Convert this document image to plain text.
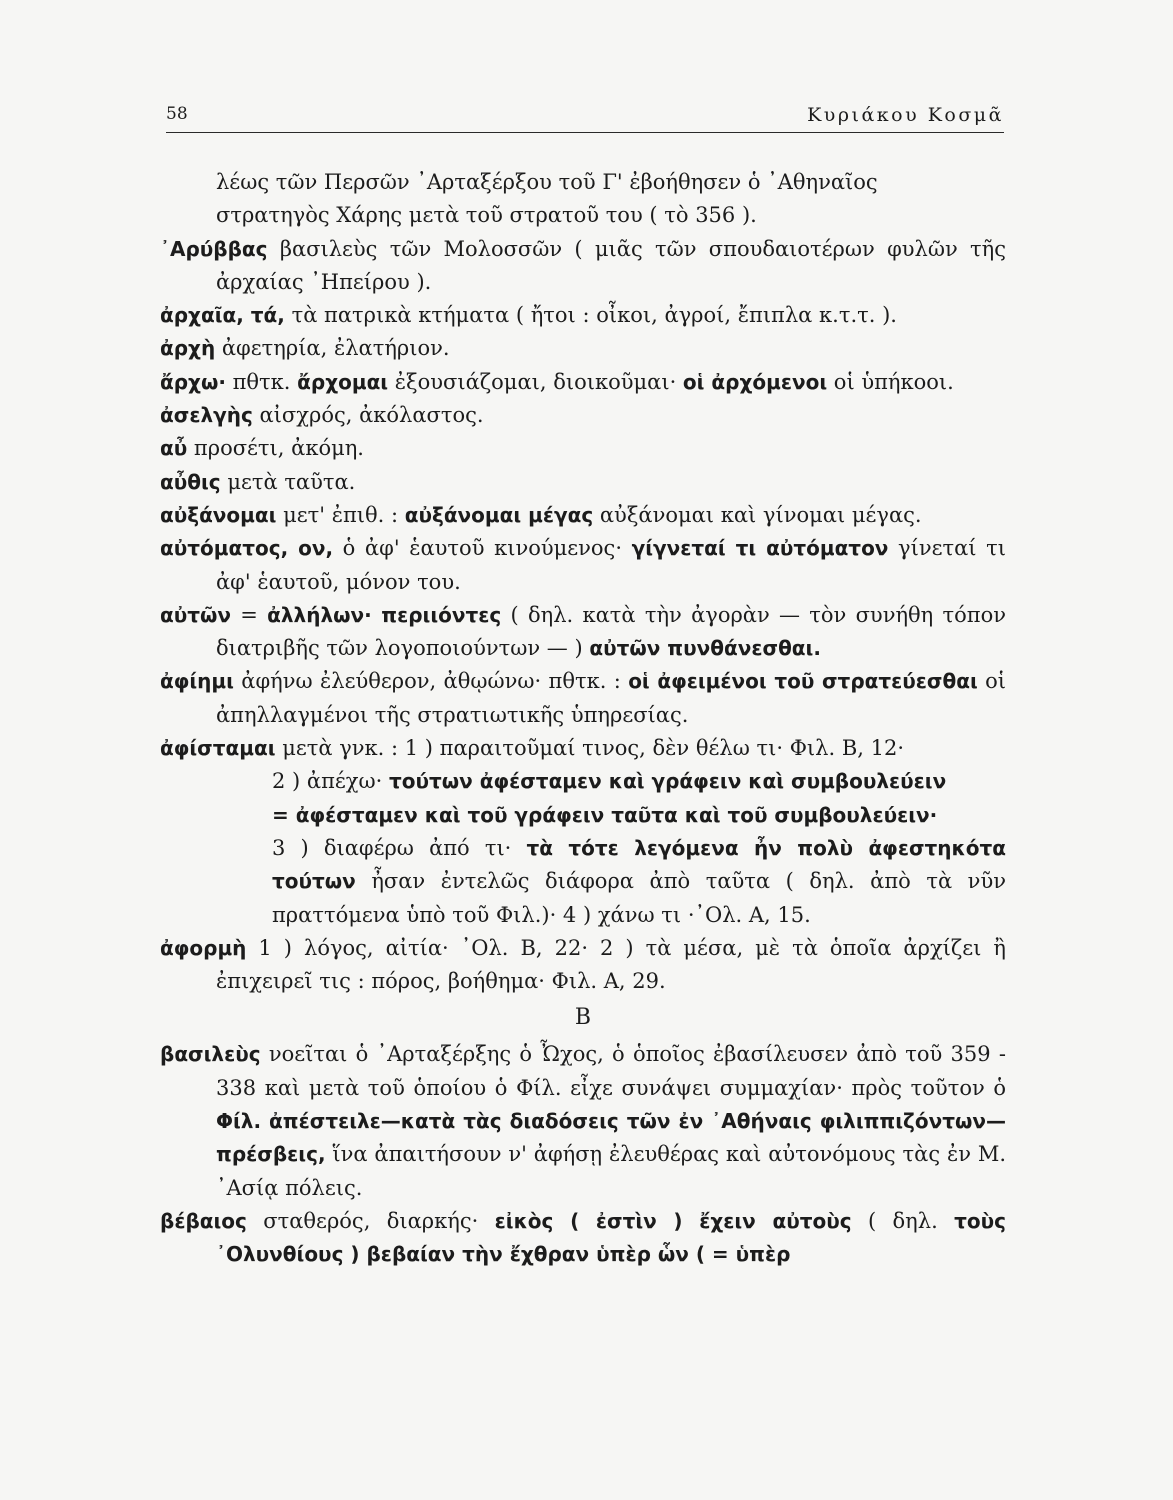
58	Κυριάκου Κοσμᾶ
λέως τῶν Περσῶν ᾿Αρταξέρξου τοῦ Γ' ἐβοήθησεν ὁ ᾿Αθηναῖος
στρατηγὸς Χάρης μετὰ τοῦ στρατοῦ του ( τὸ 356 ).
᾿Αρύββας βασιλεὺς τῶν Μολοσσῶν ( μιᾶς τῶν σπουδαιοτέρων φυλῶν τῆς ἀρχαίας ᾿Ηπείρου ).
ἀρχαῖα, τά, τὰ πατρικὰ κτήματα ( ἤτοι : οἶκοι, ἀγροί, ἔπιπλα κ.τ.τ. ).
ἀρχὴ ἀφετηρία, ἐλατήριον.
ἄρχω· πθτκ. ἄρχομαι ἐξουσιάζομαι, διοικοῦμαι· οἱ ἀρχόμενοι οἱ ὑπήκοοι.
ἀσελγὴς αἰσχρός, ἀκόλαστος.
αὖ προσέτι, ἀκόμη.
αὖθις μετὰ ταῦτα.
αὐξάνομαι μετ' ἐπιθ. : αὐξάνομαι μέγας αὐξάνομαι καὶ γίνομαι μέγας.
αὐτόματος, ον, ὁ ἀφ' ἑαυτοῦ κινούμενος· γίγνεταί τι αὐτόματον γίνεταί τι ἀφ' ἑαυτοῦ, μόνον του.
αὐτῶν = ἀλλήλων· περιιόντες ( δηλ. κατὰ τὴν ἀγορὰν — τὸν συνήθη τόπον διατριβῆς τῶν λογοποιούντων — ) αὐτῶν πυνθάνεσθαι.
ἀφίημι ἀφήνω ἐλεύθερον, ἀθῳώνω· πθτκ. : οἱ ἀφειμένοι τοῦ στρατεύεσθαι οἱ ἀπηλλαγμένοι τῆς στρατιωτικῆς ὑπηρεσίας.
ἀφίσταμαι μετὰ γνκ. : 1 ) παραιτοῦμαί τινος, δὲν θέλω τι· Φιλ. Β, 12·
2 ) ἀπέχω· τούτων ἀφέσταμεν καὶ γράφειν καὶ συμβουλεύειν
= ἀφέσταμεν καὶ τοῦ γράφειν ταῦτα καὶ τοῦ συμβουλεύειν·
3 ) διαφέρω ἀπό τι· τὰ τότε λεγόμενα ἦν πολὺ ἀφεστηκότα τούτων ἦσαν ἐντελῶς διάφορα ἀπὸ ταῦτα ( δηλ. ἀπὸ τὰ νῦν πραττόμενα ὑπὸ τοῦ Φιλ.)· 4 ) χάνω τι ·᾿Ολ. Α, 15.
ἀφορμὴ 1 ) λόγος, αἰτία· ᾿Ολ. Β, 22· 2 ) τὰ μέσα, μὲ τὰ ὁποῖα ἀρχίζει ἢ ἐπιχειρεῖ τις : πόρος, βοήθημα· Φιλ. Α, 29.
Β
βασιλεὺς νοεῖται ὁ ᾿Αρταξέρξης ὁ Ὦχος, ὁ ὁποῖος ἐβασίλευσεν ἀπὸ τοῦ 359 - 338 καὶ μετὰ τοῦ ὁποίου ὁ Φίλ. εἶχε συνάψει συμμαχίαν· πρὸς τοῦτον ὁ Φίλ. ἀπέστειλε—κατὰ τὰς διαδόσεις τῶν ἐν ᾿Αθήναις φιλιππιζόντων—πρέσβεις, ἵνα ἀπαιτήσουν ν' ἀφήσῃ ἐλευθέρας καὶ αὐτονόμους τὰς ἐν Μ. ᾿Ασίᾳ πόλεις.
βέβαιος σταθερός, διαρκής· εἰκὸς ( ἐστὶν ) ἔχειν αὐτοὺς ( δηλ. τοὺς ᾿Ολυνθίους ) βεβαίαν τὴν ἔχθραν ὑπὲρ ὧν ( = ὑπὲρ
